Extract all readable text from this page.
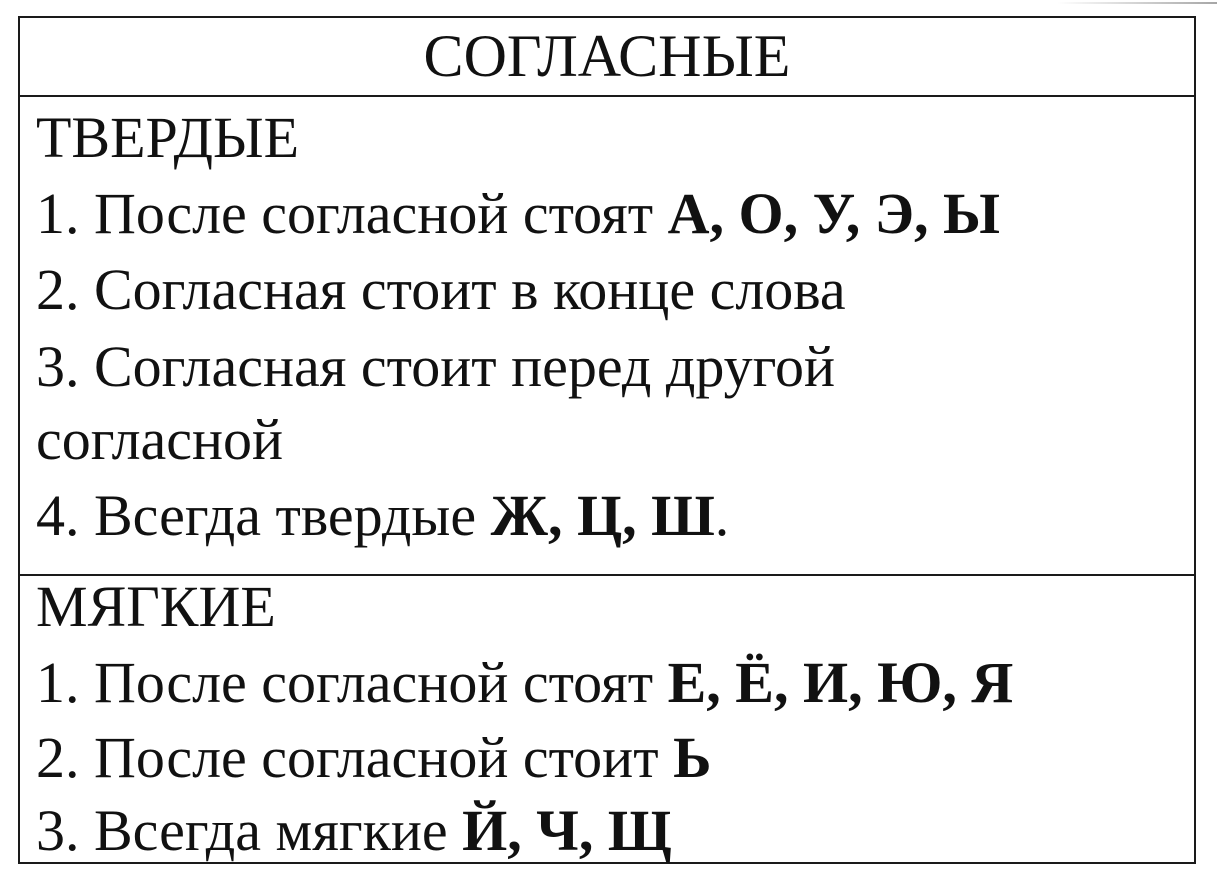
СОГЛАСНЫЕ
ТВЕРДЫЕ
1. После согласной стоят А, О, У, Э, Ы
2. Согласная стоит в конце слова
3. Согласная стоит перед другой
согласной
4. Всегда твердые Ж, Ц, Ш.
МЯГКИЕ
1. После согласной стоят Е, Ё, И, Ю, Я
2. После согласной стоит Ь
3. Всегда мягкие Й, Ч, Щ
